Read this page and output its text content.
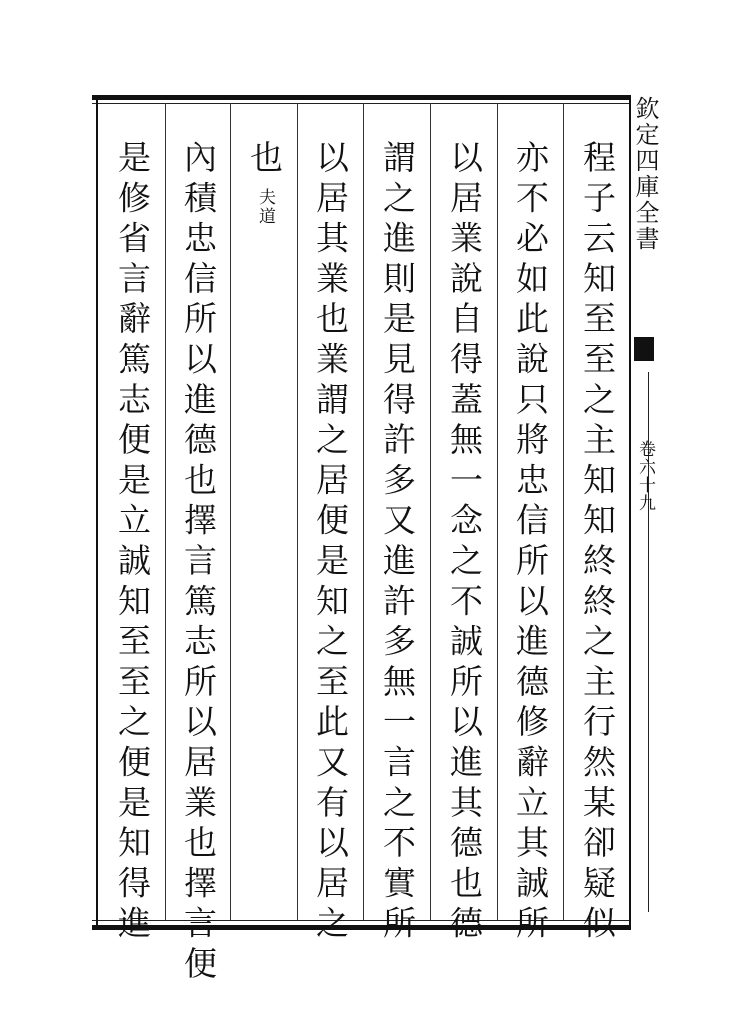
欽定四庫全書
卷六十九
程子云知至至之主知知終終之主行然某卻疑似
亦不必如此說只將忠信所以進德修辭立其誠所
以居業說自得蓋無一念之不誠所以進其德也德
謂之進則是見得許多又進許多無一言之不實所
以居其業也業謂之居便是知之至此又有以居之
也
夫道
內積忠信所以進德也擇言篤志所以居業也擇言便
是修省言辭篤志便是立誠知至至之便是知得進
